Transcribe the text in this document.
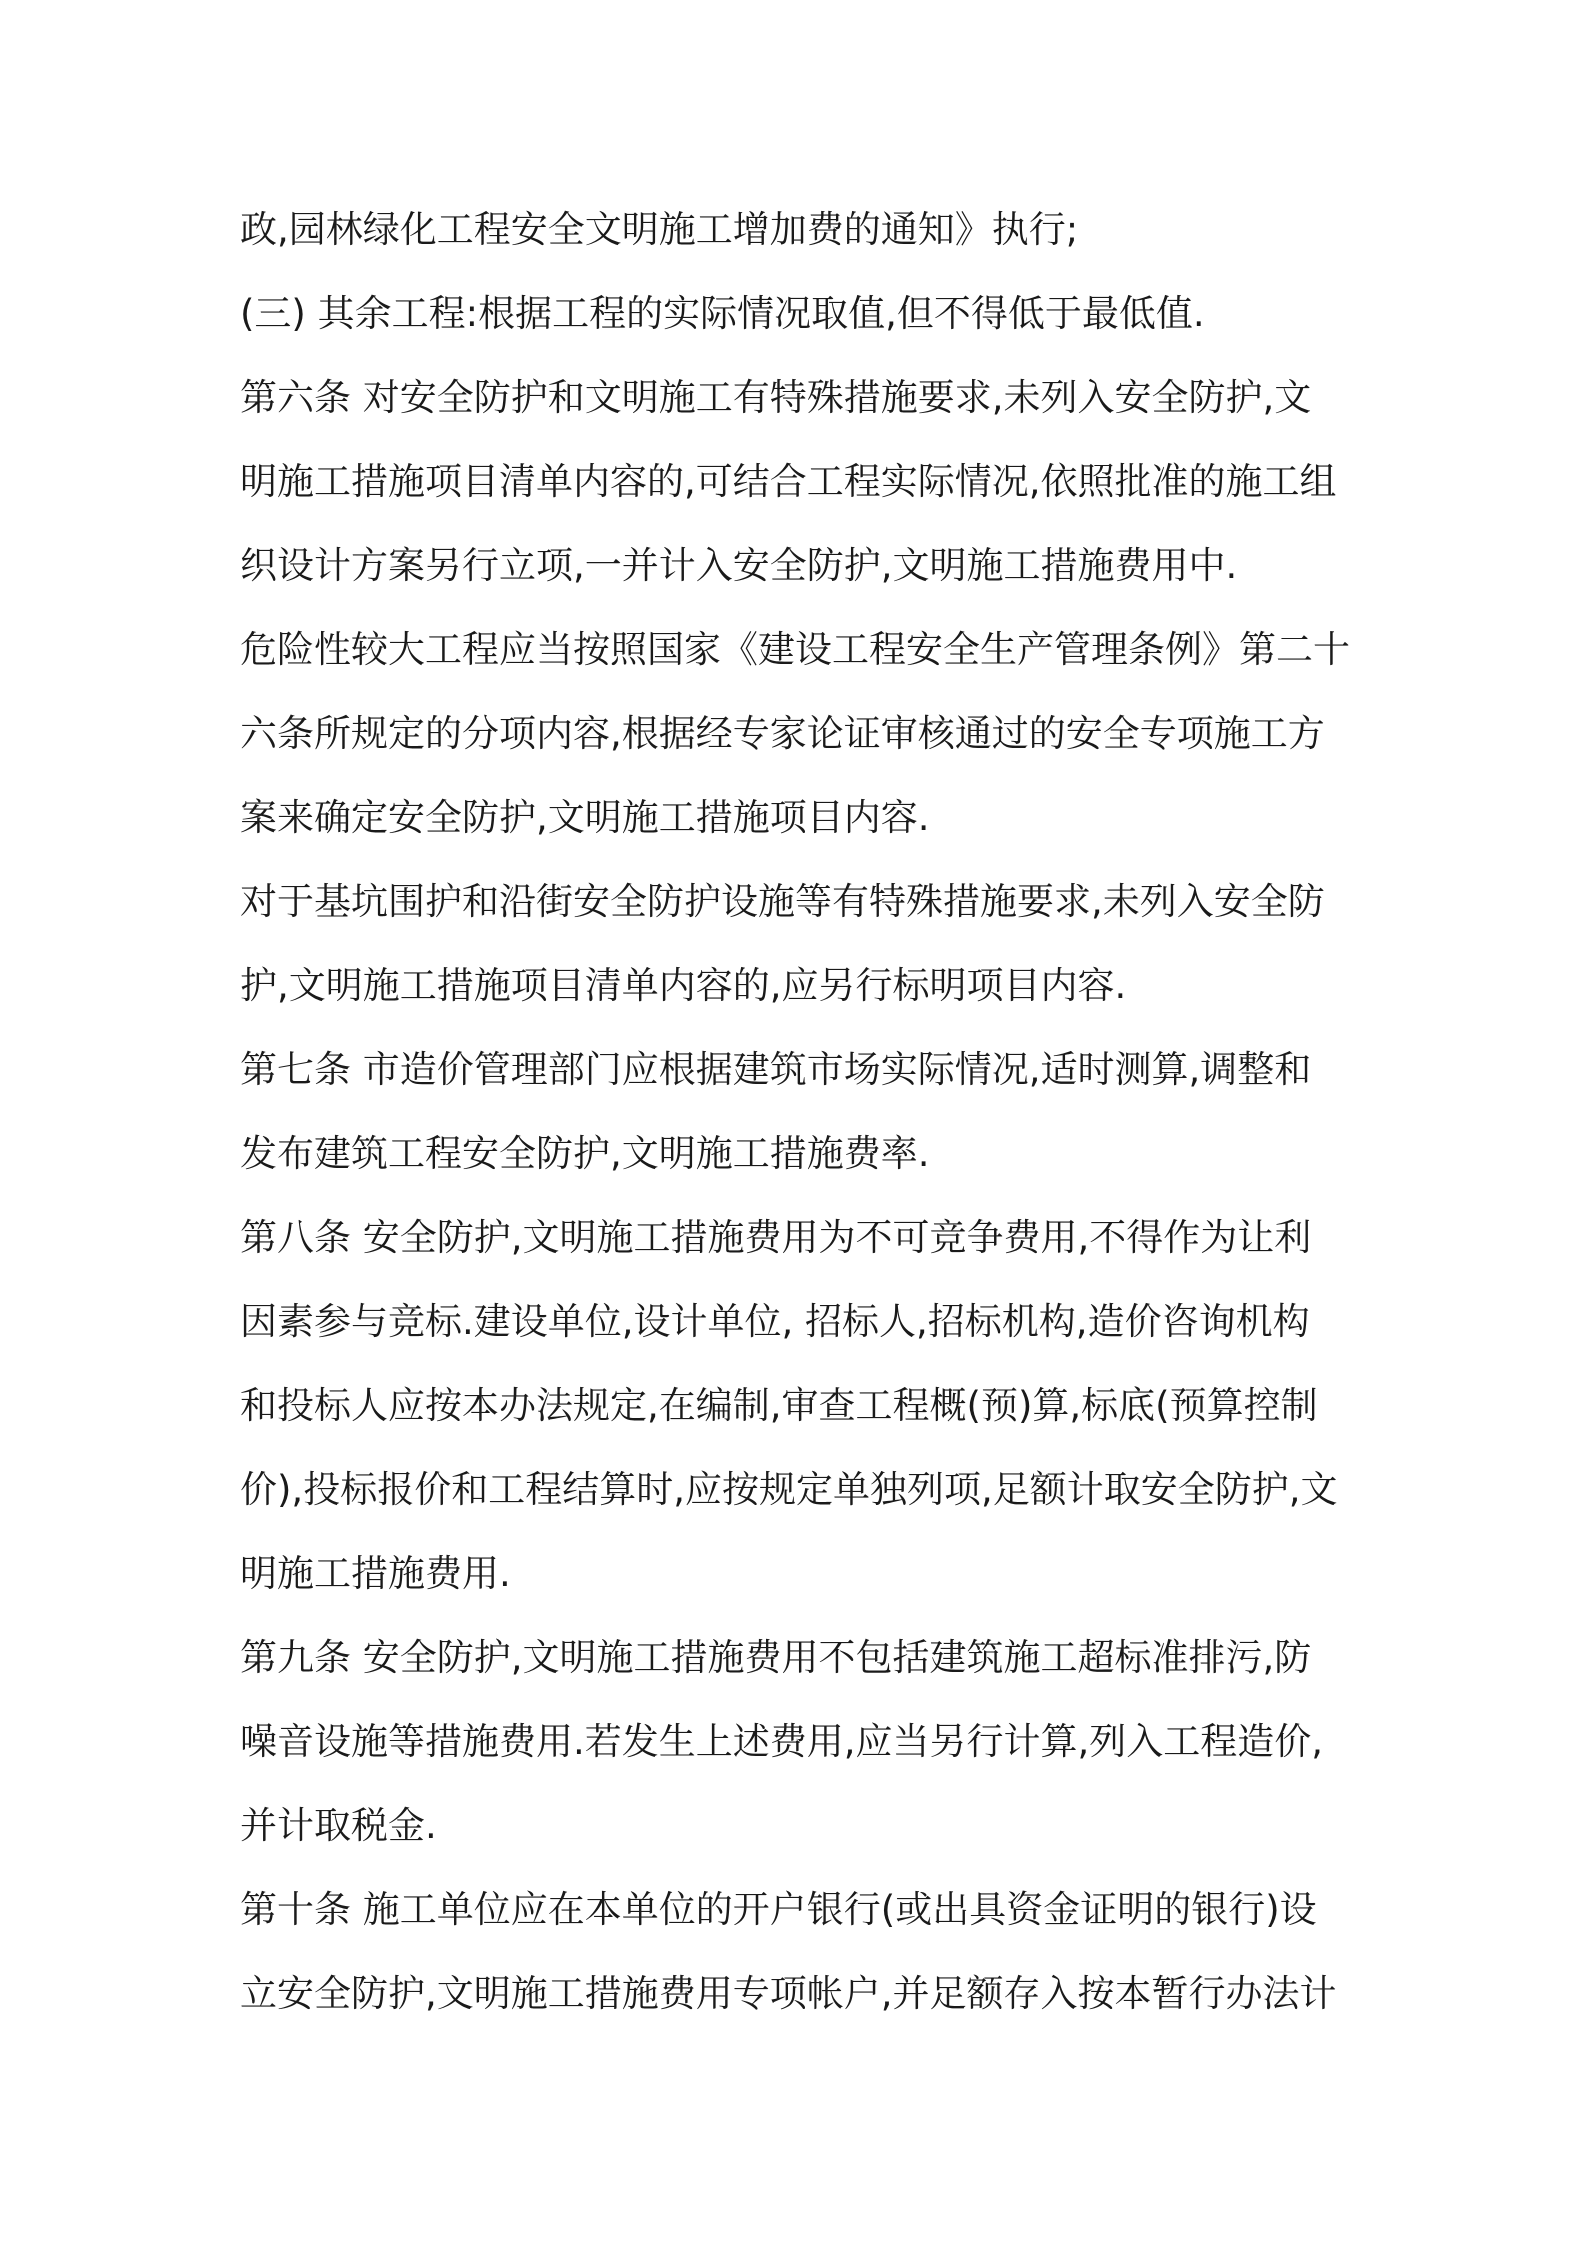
政,园林绿化工程安全文明施工增加费的通知》执行;
(三) 其余工程:根据工程的实际情况取值,但不得低于最低值.
第六条 对安全防护和文明施工有特殊措施要求,未列入安全防护,文
明施工措施项目清单内容的,可结合工程实际情况,依照批准的施工组
织设计方案另行立项,一并计入安全防护,文明施工措施费用中.
危险性较大工程应当按照国家《建设工程安全生产管理条例》第二十
六条所规定的分项内容,根据经专家论证审核通过的安全专项施工方
案来确定安全防护,文明施工措施项目内容.
对于基坑围护和沿街安全防护设施等有特殊措施要求,未列入安全防
护,文明施工措施项目清单内容的,应另行标明项目内容.
第七条 市造价管理部门应根据建筑市场实际情况,适时测算,调整和
发布建筑工程安全防护,文明施工措施费率.
第八条 安全防护,文明施工措施费用为不可竞争费用,不得作为让利
因素参与竞标.建设单位,设计单位, 招标人,招标机构,造价咨询机构
和投标人应按本办法规定,在编制,审查工程概(预)算,标底(预算控制
价),投标报价和工程结算时,应按规定单独列项,足额计取安全防护,文
明施工措施费用.
第九条 安全防护,文明施工措施费用不包括建筑施工超标准排污,防
噪音设施等措施费用.若发生上述费用,应当另行计算,列入工程造价,
并计取税金.
第十条 施工单位应在本单位的开户银行(或出具资金证明的银行)设
立安全防护,文明施工措施费用专项帐户,并足额存入按本暂行办法计
